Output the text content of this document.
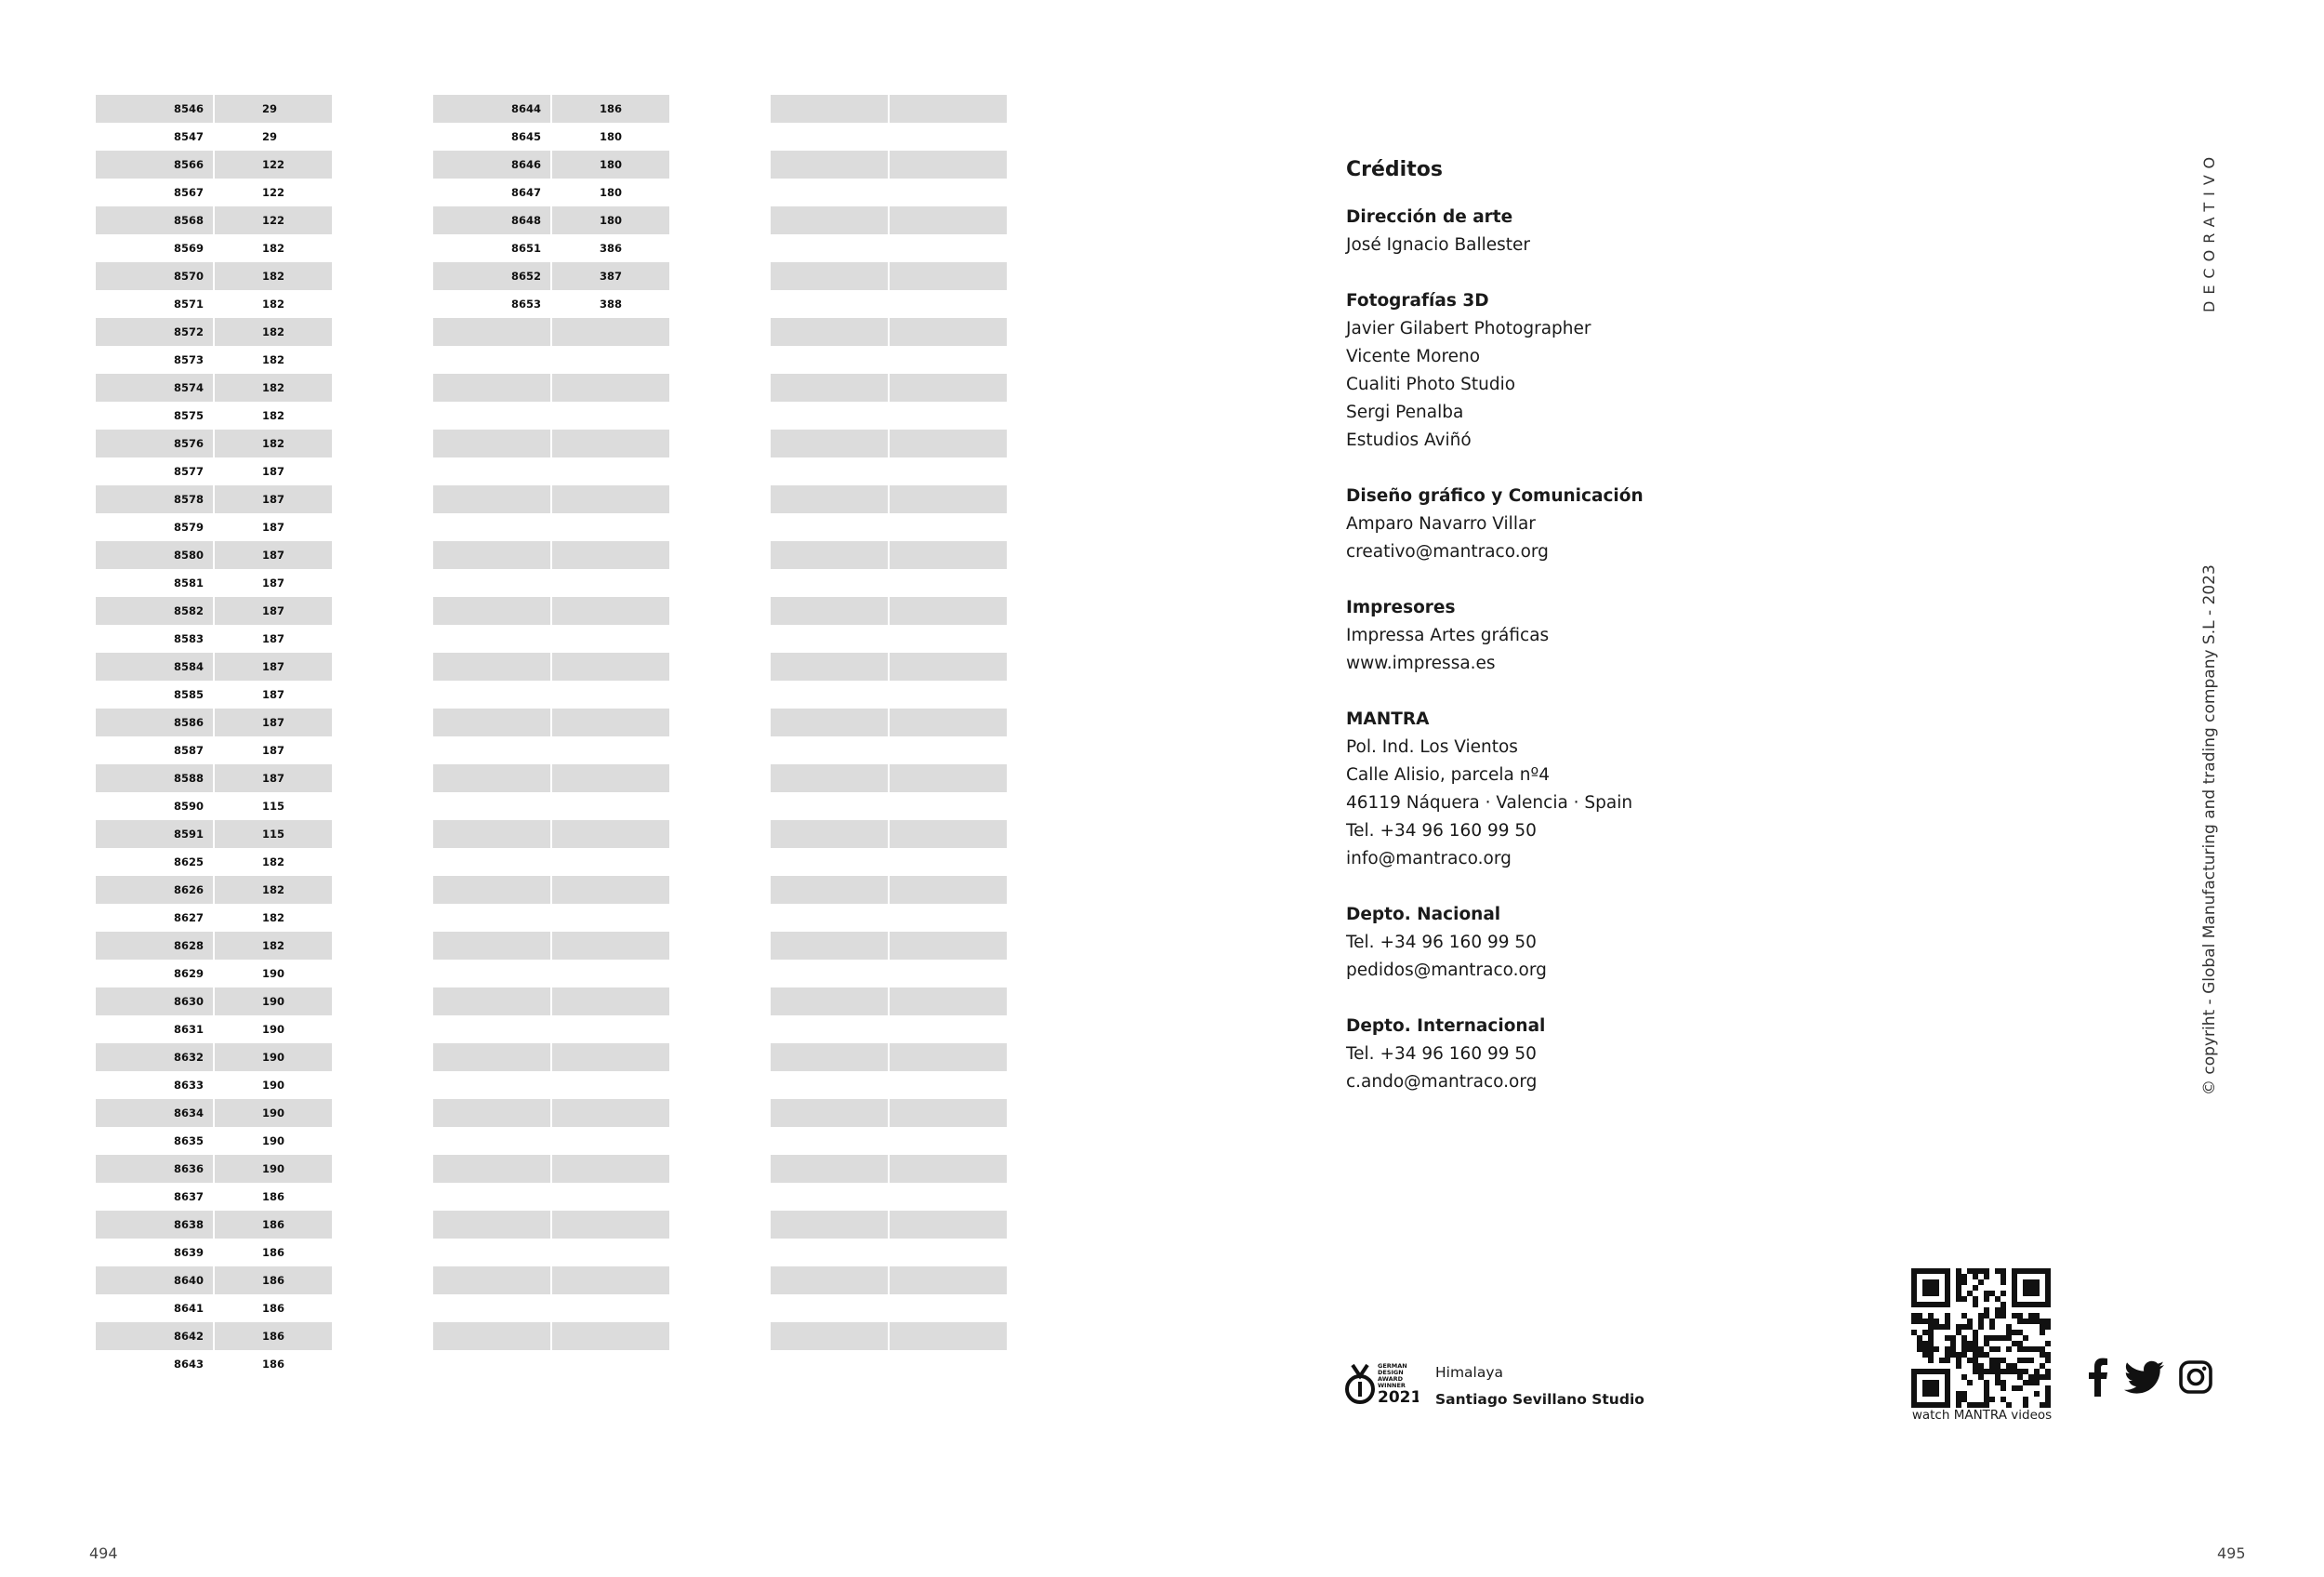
8546	29
8547	29
8566	122
8567	122
8568	122
8569	182
8570	182
8571	182
8572	182
8573	182
8574	182
8575	182
8576	182
8577	187
8578	187
8579	187
8580	187
8581	187
8582	187
8583	187
8584	187
8585	187
8586	187
8587	187
8588	187
8590	115
8591	115
8625	182
8626	182
8627	182
8628	182
8629	190
8630	190
8631	190
8632	190
8633	190
8634	190
8635	190
8636	190
8637	186
8638	186
8639	186
8640	186
8641	186
8642	186
8643	186
8644	186
8645	180
8646	180
8647	180
8648	180
8651	386
8652	387
8653	388
Créditos
Dirección de arte
José Ignacio Ballester
Fotografías 3D
Javier Gilabert Photographer
Vicente Moreno
Cualiti Photo Studio
Sergi Penalba
Estudios Aviñó
Diseño gráfico y Comunicación
Amparo Navarro Villar
creativo@mantraco.org
Impresores
Impressa Artes gráficas
www.impressa.es
MANTRA
Pol. Ind. Los Vientos
Calle Alisio, parcela nº4
46119 Náquera · Valencia · Spain
Tel. +34 96 160 99 50
info@mantraco.org
Depto. Nacional
Tel. +34 96 160 99 50
pedidos@mantraco.org
Depto. Internacional
Tel. +34 96 160 99 50
c.ando@mantraco.org
DECORATIVO
© copyriht - Global Manufacturing and trading company S.L - 2023
GERMAN
DESIGN
AWARD
WINNER
2021
Himalaya
Santiago Sevillano Studio
watch MANTRA videos
494	495
